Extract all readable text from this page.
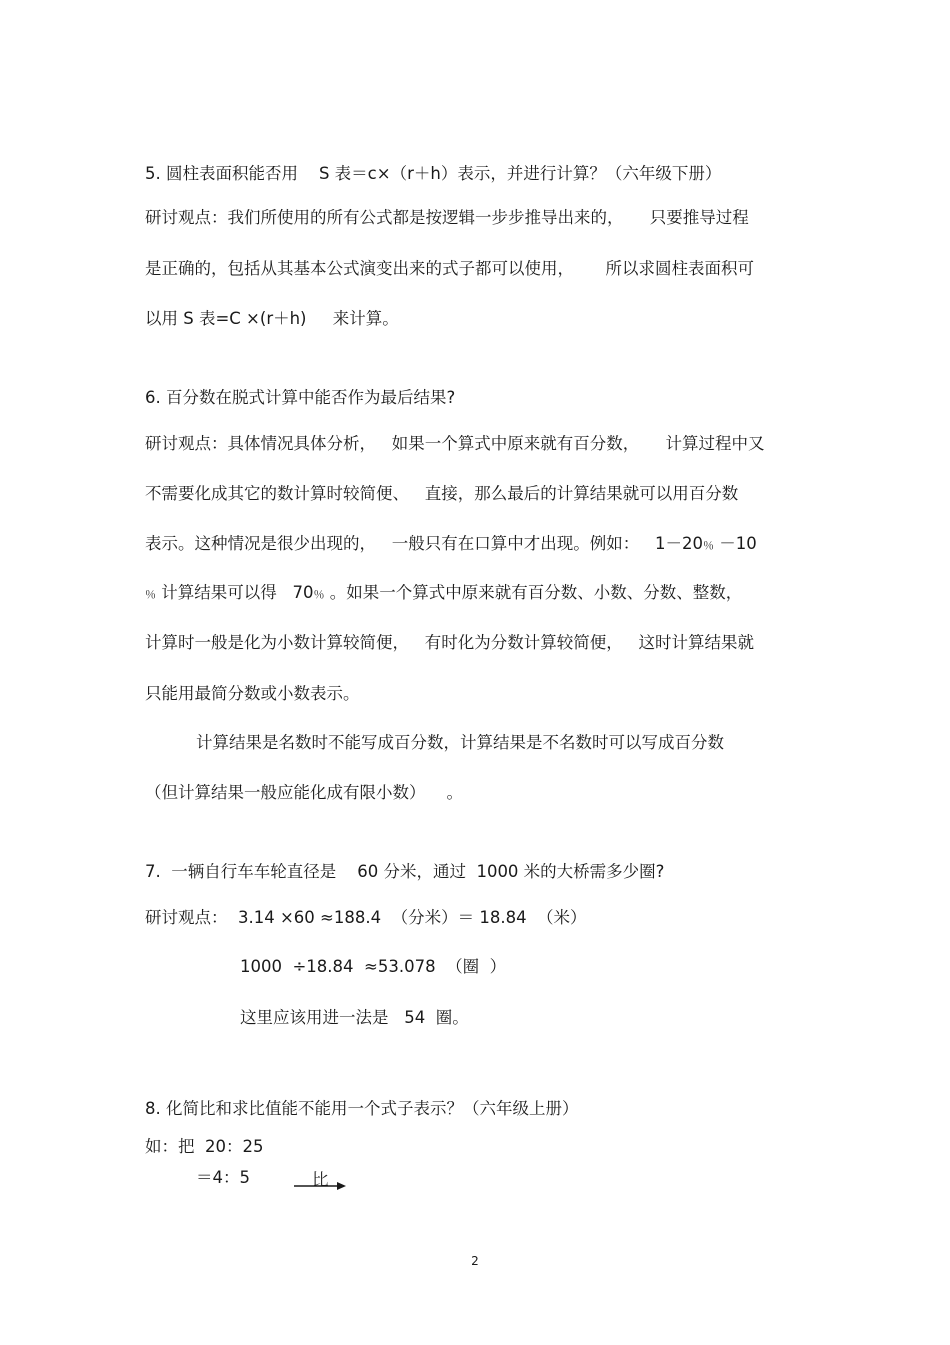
5. 圆柱表面积能否用    S 表＝c×（r＋h）表示，并进行计算？（六年级下册）
研讨观点：我们所使用的所有公式都是按逻辑一步步推导出来的，     只要推导过程
是正确的，包括从其基本公式演变出来的式子都可以使用，      所以求圆柱表面积可
以用 S 表=C ×(r＋h)     来计算。
6. 百分数在脱式计算中能否作为最后结果?
研讨观点：具体情况具体分析，   如果一个算式中原来就有百分数，     计算过程中又
不需要化成其它的数计算时较简便、   直接，那么最后的计算结果就可以用百分数
表示。这种情况是很少出现的，   一般只有在口算中才出现。例如：   1－20％ －10
％ 计算结果可以得   70％ 。如果一个算式中原来就有百分数、小数、分数、整数，
计算时一般是化为小数计算较简便，   有时化为分数计算较简便，   这时计算结果就
只能用最简分数或小数表示。
计算结果是名数时不能写成百分数，计算结果是不名数时可以写成百分数
（但计算结果一般应能化成有限小数）    。
7.  一辆自行车车轮直径是    60 分米，通过  1000 米的大桥需多少圈?
研讨观点：  3.14 ×60 ≈188.4  （分米）＝ 18.84  （米）
1000  ÷18.84  ≈53.078  （圈  ）
这里应该用进一法是   54  圈。
8. 化简比和求比值能不能用一个式子表示？（六年级上册）
如：把  20：25
＝4：5	比
2
